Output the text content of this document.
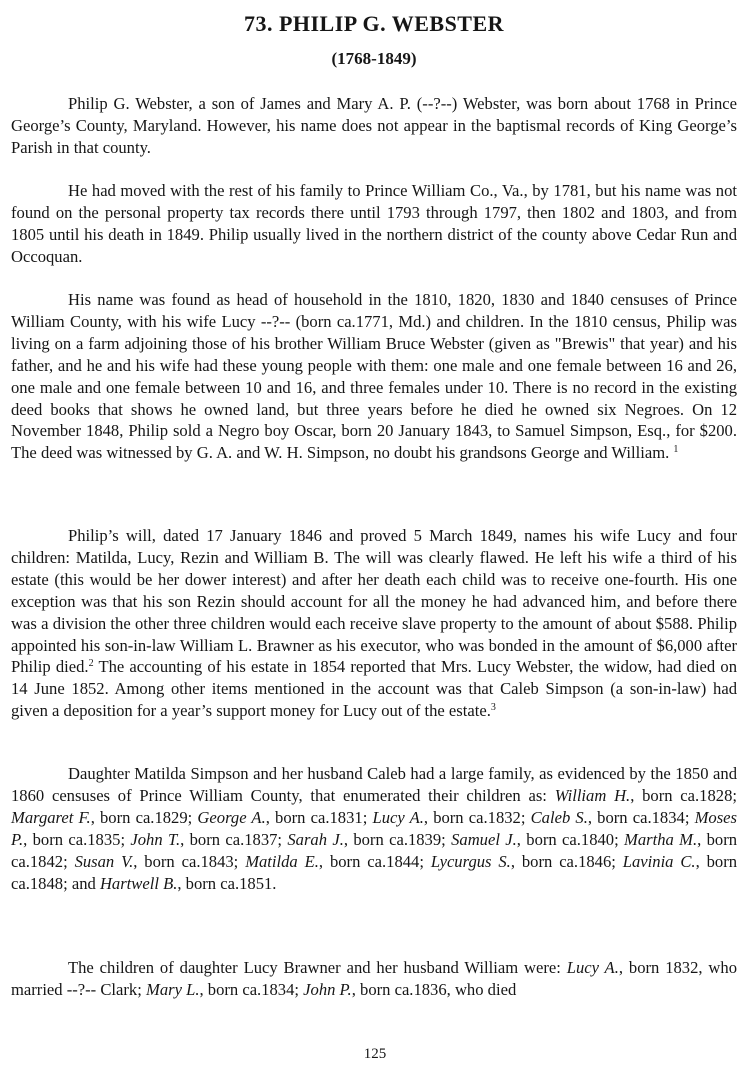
73. PHILIP G. WEBSTER
(1768-1849)

Philip G. Webster, a son of James and Mary A. P. (--?--) Webster, was born about 1768 in Prince George’s County, Maryland. However, his name does not appear in the baptismal records of King George’s Parish in that county.

He had moved with the rest of his family to Prince William Co., Va., by 1781, but his name was not found on the personal property tax records there until 1793 through 1797, then 1802 and 1803, and from 1805 until his death in 1849. Philip usually lived in the northern district of the county above Cedar Run and Occoquan.

His name was found as head of household in the 1810, 1820, 1830 and 1840 censuses of Prince William County, with his wife Lucy --?-- (born ca.1771, Md.) and children. In the 1810 census, Philip was living on a farm adjoining those of his brother William Bruce Webster (given as "Brewis" that year) and his father, and he and his wife had these young people with them: one male and one female between 16 and 26, one male and one female between 10 and 16, and three females under 10. There is no record in the existing deed books that shows he owned land, but three years before he died he owned six Negroes. On 12 November 1848, Philip sold a Negro boy Oscar, born 20 January 1843, to Samuel Simpson, Esq., for $200. The deed was witnessed by G. A. and W. H. Simpson, no doubt his grandsons George and William. $^1$

Philip’s will, dated 17 January 1846 and proved 5 March 1849, names his wife Lucy and four children: Matilda, Lucy, Rezin and William B. The will was clearly flawed. He left his wife a third of his estate (this would be her dower interest) and after her death each child was to receive one-fourth. His one exception was that his son Rezin should account for all the money he had advanced him, and before there was a division the other three children would each receive slave property to the amount of about $588. Philip appointed his son-in-law William L. Brawner as his executor, who was bonded in the amount of $6,000 after Philip died.$^2$ The accounting of his estate in 1854 reported that Mrs. Lucy Webster, the widow, had died on 14 June 1852. Among other items mentioned in the account was that Caleb Simpson (a son-in-law) had given a deposition for a year’s support money for Lucy out of the estate.$^3$

Daughter Matilda Simpson and her husband Caleb had a large family, as evidenced by the 1850 and 1860 censuses of Prince William County, that enumerated their children as: William H., born ca.1828; Margaret F., born ca.1829; George A., born ca.1831; Lucy A., born ca.1832; Caleb S., born ca.1834; Moses P., born ca.1835; John T., born ca.1837; Sarah J., born ca.1839; Samuel J., born ca.1840; Martha M., born ca.1842; Susan V., born ca.1843; Matilda E., born ca.1844; Lycurgus S., born ca.1846; Lavinia C., born ca.1848; and Hartwell B., born ca.1851.

The children of daughter Lucy Brawner and her husband William were: Lucy A., born 1832, who married --?-- Clark; Mary L., born ca.1834; John P., born ca.1836, who died

125
